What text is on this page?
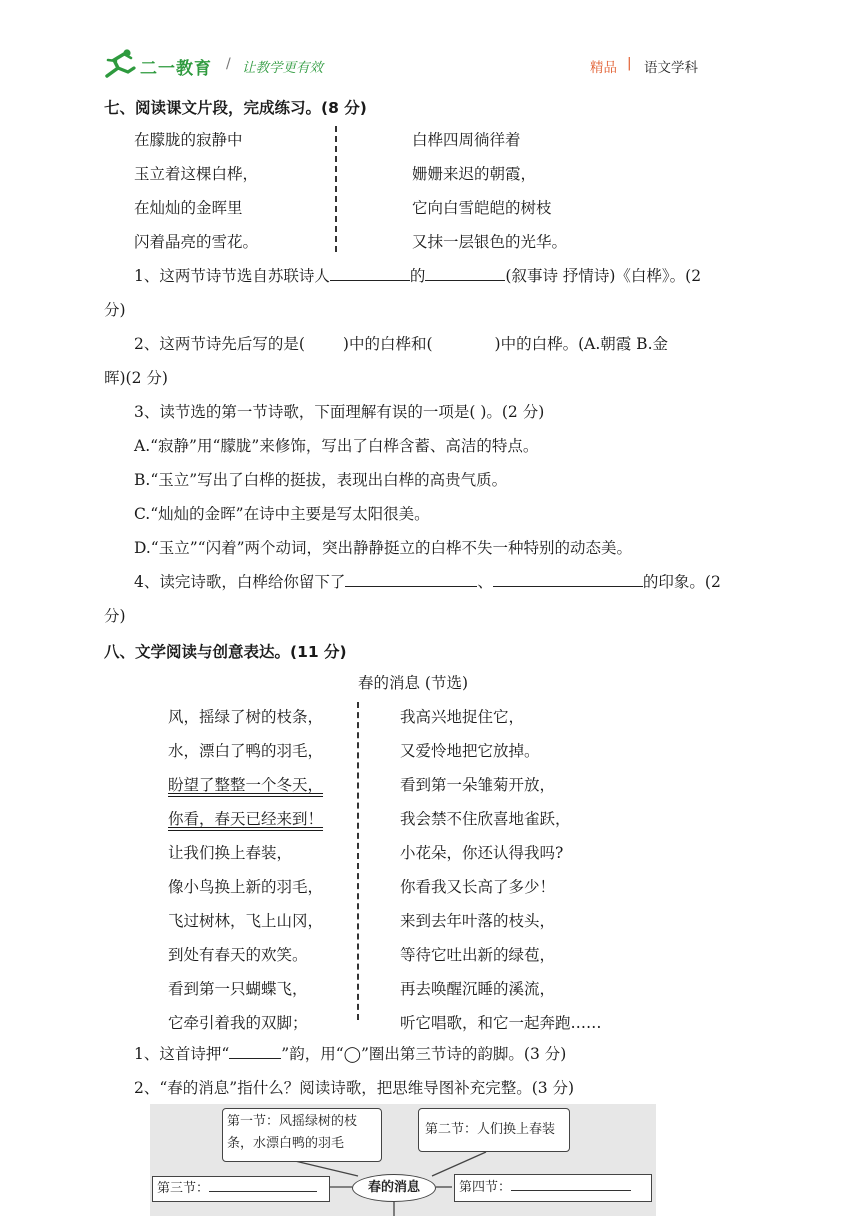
二一教育 / 让教学更有效	精品 | 语文学科
七、阅读课文片段，完成练习。(8 分)
在朦胧的寂静中
玉立着这棵白桦，
在灿灿的金晖里
闪着晶亮的雪花。
白桦四周徜徉着
姗姗来迟的朝霞，
它向白雪皑皑的树枝
又抹一层银色的光华。
1、这两节诗节选自苏联诗人	的	(叙事诗 抒情诗)《白桦》。(2
分)
2、这两节诗先后写的是( )中的白桦和(	)中的白桦。(A.朝霞 B.金
晖)(2 分)
3、读节选的第一节诗歌，下面理解有误的一项是( )。(2 分)
A.“寂静”用“朦胧”来修饰，写出了白桦含蓄、高洁的特点。
B.“玉立”写出了白桦的挺拔，表现出白桦的高贵气质。
C.“灿灿的金晖”在诗中主要是写太阳很美。
D.“玉立”“闪着”两个动词，突出静静挺立的白桦不失一种特别的动态美。
4、读完诗歌，白桦给你留下了	、	的印象。(2
分)
八、文学阅读与创意表达。(11 分)
春的消息 (节选)
风，摇绿了树的枝条，
水，漂白了鸭的羽毛，
盼望了整整一个冬天，
你看，春天已经来到！
让我们换上春装，
像小鸟换上新的羽毛，
飞过树林，飞上山冈，
到处有春天的欢笑。
看到第一只蝴蝶飞，
它牵引着我的双脚；
我高兴地捉住它，
又爱怜地把它放掉。
看到第一朵雏菊开放，
我会禁不住欣喜地雀跃，
小花朵，你还认得我吗?
你看我又长高了多少！
来到去年叶落的枝头，
等待它吐出新的绿苞，
再去唤醒沉睡的溪流，
听它唱歌，和它一起奔跑……
1、这首诗押“	”韵，用“◯”圈出第三节诗的韵脚。(3 分)
2、“春的消息”指什么？阅读诗歌，把思维导图补充完整。(3 分)
第一节：风摇绿树的枝
条，水漂白鸭的羽毛
第二节：人们换上春装
春的消息
第三节：	第四节：
